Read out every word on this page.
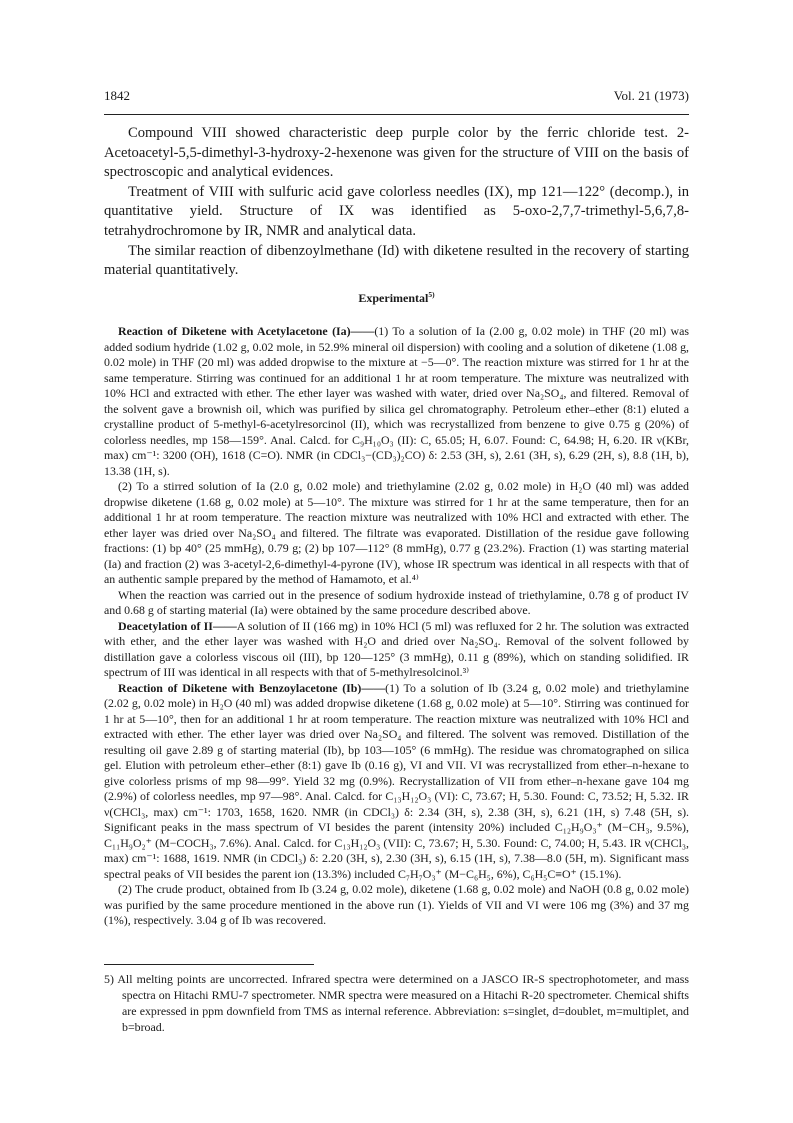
1842	Vol. 21 (1973)

Compound VIII showed characteristic deep purple color by the ferric chloride test. 2-Acetoacetyl-5,5-dimethyl-3-hydroxy-2-hexenone was given for the structure of VIII on the basis of spectroscopic and analytical evidences.

Treatment of VIII with sulfuric acid gave colorless needles (IX), mp 121—122° (decomp.), in quantitative yield. Structure of IX was identified as 5-oxo-2,7,7-trimethyl-5,6,7,8-tetrahydrochromone by IR, NMR and analytical data.

The similar reaction of dibenzoylmethane (Id) with diketene resulted in the recovery of starting material quantitatively.

Experimental$^{5)}$

Reaction of Diketene with Acetylacetone (Ia)——(1) To a solution of Ia (2.00 g, 0.02 mole) in THF (20 ml) was added sodium hydride (1.02 g, 0.02 mole, in 52.9% mineral oil dispersion) with cooling and a solution of diketene (1.08 g, 0.02 mole) in THF (20 ml) was added dropwise to the mixture at −5—0°. The reaction mixture was stirred for 1 hr at the same temperature. Stirring was continued for an additional 1 hr at room temperature. The mixture was neutralized with 10% HCl and extracted with ether. The ether layer was washed with water, dried over Na₂SO₄, and filtered. Removal of the solvent gave a brownish oil, which was purified by silica gel chromatography. Petroleum ether–ether (8:1) eluted a crystalline product of 5-methyl-6-acetylresorcinol (II), which was recrystallized from benzene to give 0.75 g (20%) of colorless needles, mp 158—159°. Anal. Calcd. for C₉H₁₀O₃ (II): C, 65.05; H, 6.07. Found: C, 64.98; H, 6.20. IR ν(KBr, max) cm⁻¹: 3200 (OH), 1618 (C=O). NMR (in CDCl₃−(CD₃)₂CO) δ: 2.53 (3H, s), 2.61 (3H, s), 6.29 (2H, s), 8.8 (1H, b), 13.38 (1H, s).

(2) To a stirred solution of Ia (2.0 g, 0.02 mole) and triethylamine (2.02 g, 0.02 mole) in H₂O (40 ml) was added dropwise diketene (1.68 g, 0.02 mole) at 5—10°. The mixture was stirred for 1 hr at the same temperature, then for an additional 1 hr at room temperature. The reaction mixture was neutralized with 10% HCl and extracted with ether. The ether layer was dried over Na₂SO₄ and filtered. The filtrate was evaporated. Distillation of the residue gave following fractions: (1) bp 40° (25 mmHg), 0.79 g; (2) bp 107—112° (8 mmHg), 0.77 g (23.2%). Fraction (1) was starting material (Ia) and fraction (2) was 3-acetyl-2,6-dimethyl-4-pyrone (IV), whose IR spectrum was identical in all respects with that of an authentic sample prepared by the method of Hamamoto, et al.⁴⁾

When the reaction was carried out in the presence of sodium hydroxide instead of triethylamine, 0.78 g of product IV and 0.68 g of starting material (Ia) were obtained by the same procedure described above.

Deacetylation of II——A solution of II (166 mg) in 10% HCl (5 ml) was refluxed for 2 hr. The solution was extracted with ether, and the ether layer was washed with H₂O and dried over Na₂SO₄. Removal of the solvent followed by distillation gave a colorless viscous oil (III), bp 120—125° (3 mmHg), 0.11 g (89%), which on standing solidified. IR spectrum of III was identical in all respects with that of 5-methylresolcinol.³⁾

Reaction of Diketene with Benzoylacetone (Ib)——(1) To a solution of Ib (3.24 g, 0.02 mole) and triethylamine (2.02 g, 0.02 mole) in H₂O (40 ml) was added dropwise diketene (1.68 g, 0.02 mole) at 5—10°. Stirring was continued for 1 hr at 5—10°, then for an additional 1 hr at room temperature. The reaction mixture was neutralized with 10% HCl and extracted with ether. The ether layer was dried over Na₂SO₄ and filtered. The solvent was removed. Distillation of the resulting oil gave 2.89 g of starting material (Ib), bp 103—105° (6 mmHg). The residue was chromatographed on silica gel. Elution with petroleum ether–ether (8:1) gave Ib (0.16 g), VI and VII. VI was recrystallized from ether–n-hexane to give colorless prisms of mp 98—99°. Yield 32 mg (0.9%). Recrystallization of VII from ether–n-hexane gave 104 mg (2.9%) of colorless needles, mp 97—98°. Anal. Calcd. for C₁₃H₁₂O₃ (VI): C, 73.67; H, 5.30. Found: C, 73.52; H, 5.32. IR ν(CHCl₃, max) cm⁻¹: 1703, 1658, 1620. NMR (in CDCl₃) δ: 2.34 (3H, s), 2.38 (3H, s), 6.21 (1H, s) 7.48 (5H, s). Significant peaks in the mass spectrum of VI besides the parent (intensity 20%) included C₁₂H₉O₃⁺ (M−CH₃, 9.5%), C₁₁H₉O₂⁺ (M−COCH₃, 7.6%). Anal. Calcd. for C₁₃H₁₂O₃ (VII): C, 73.67; H, 5.30. Found: C, 74.00; H, 5.43. IR ν(CHCl₃, max) cm⁻¹: 1688, 1619. NMR (in CDCl₃) δ: 2.20 (3H, s), 2.30 (3H, s), 6.15 (1H, s), 7.38—8.0 (5H, m). Significant mass spectral peaks of VII besides the parent ion (13.3%) included C₇H₇O₃⁺ (M−C₆H₅, 6%), C₆H₅C≡O⁺ (15.1%).

(2) The crude product, obtained from Ib (3.24 g, 0.02 mole), diketene (1.68 g, 0.02 mole) and NaOH (0.8 g, 0.02 mole) was purified by the same procedure mentioned in the above run (1). Yields of VII and VI were 106 mg (3%) and 37 mg (1%), respectively. 3.04 g of Ib was recovered.

5) All melting points are uncorrected. Infrared spectra were determined on a JASCO IR-S spectrophotometer, and mass spectra on Hitachi RMU-7 spectrometer. NMR spectra were measured on a Hitachi R-20 spectrometer. Chemical shifts are expressed in ppm downfield from TMS as internal reference. Abbreviation: s=singlet, d=doublet, m=multiplet, and b=broad.
